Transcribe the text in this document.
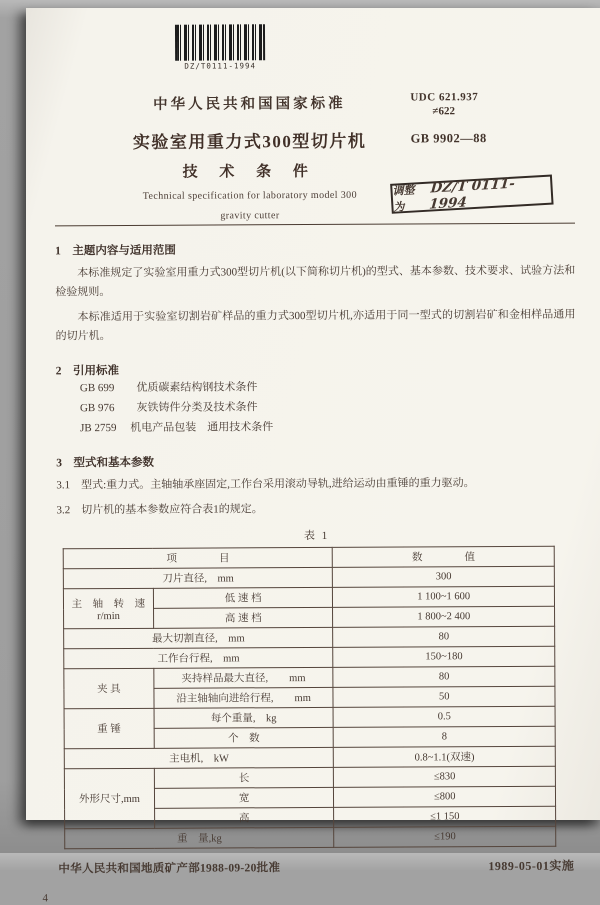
DZ/T0111-1994
中华人民共和国国家标准
实验室用重力式300型切片机
技 术 条 件
Technical specification for laboratory model 300
gravity cutter
UDC 621.937
≠622
GB 9902—88
调整为
DZ/T 0111-1994
1　主题内容与适用范围
本标准规定了实验室用重力式300型切片机(以下简称切片机)的型式、基本参数、技术要求、试验方法和检验规则。
本标准适用于实验室切割岩矿样品的重力式300型切片机,亦适用于同一型式的切割岩矿和金相样品通用的切片机。
2　引用标准
GB 699　　优质碳素结构钢技术条件
GB 976　　灰铁铸件分类及技术条件
JB 2759　 机电产品包装　通用技术条件
3　型式和基本参数
3.1　型式:重力式。主轴轴承座固定,工作台采用滚动导轨,进给运动由重锤的重力驱动。
3.2　切片机的基本参数应符合表1的规定。
表 1
项　　　　目		数　　　　值
刀片直径,　mm		300

主　轴　转　速
r/min	低 速 档	1 100~1 600
	高 速 档	1 800~2 400
最大切割直径,　mm		80
工作台行程,　mm		150~180
夹 具	夹持样品最大直径,　　mm	80
	沿主轴轴向进给行程,　　mm	50
重 锤	每个重量,　kg	0.5
	个　数	8
主电机,　kW		0.8~1.1(双速)
外形尺寸,mm	长	≤830
	宽	≤800
	高	≤1 150
重　量,kg		≤190
中华人民共和国地质矿产部1988-09-20批准	1989-05-01实施
4
